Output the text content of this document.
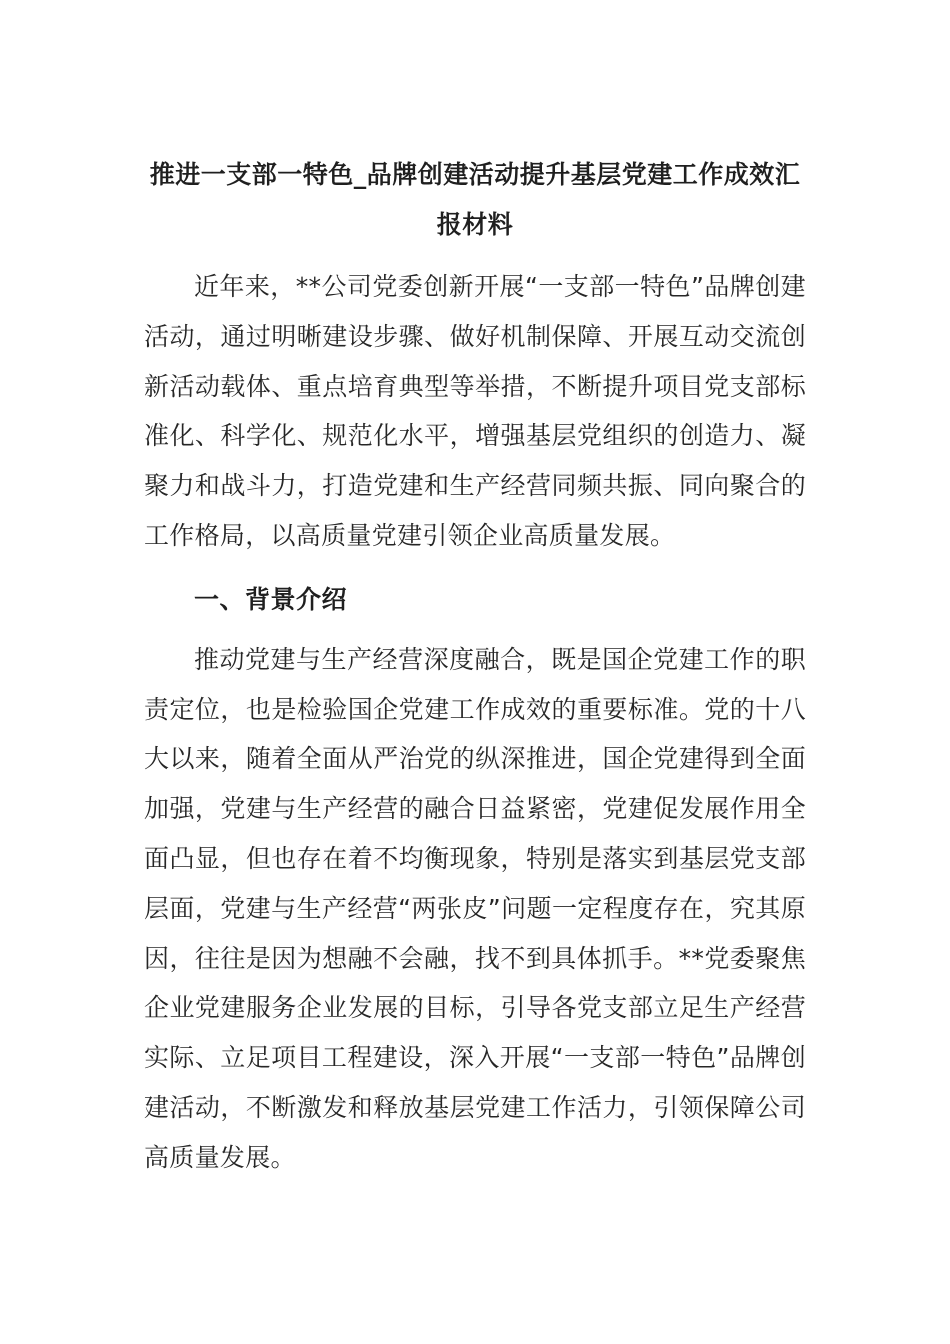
推进一支部一特色_品牌创建活动提升基层党建工作成效汇报材料

近年来，**公司党委创新开展“一支部一特色”品牌创建活动，通过明晰建设步骤、做好机制保障、开展互动交流创新活动载体、重点培育典型等举措，不断提升项目党支部标准化、科学化、规范化水平，增强基层党组织的创造力、凝聚力和战斗力，打造党建和生产经营同频共振、同向聚合的工作格局，以高质量党建引领企业高质量发展。

一、背景介绍

推动党建与生产经营深度融合，既是国企党建工作的职责定位，也是检验国企党建工作成效的重要标准。党的十八大以来，随着全面从严治党的纵深推进，国企党建得到全面加强，党建与生产经营的融合日益紧密，党建促发展作用全面凸显，但也存在着不均衡现象，特别是落实到基层党支部层面，党建与生产经营“两张皮”问题一定程度存在，究其原因，往往是因为想融不会融，找不到具体抓手。**党委聚焦企业党建服务企业发展的目标，引导各党支部立足生产经营实际、立足项目工程建设，深入开展“一支部一特色”品牌创建活动，不断激发和释放基层党建工作活力，引领保障公司高质量发展。
